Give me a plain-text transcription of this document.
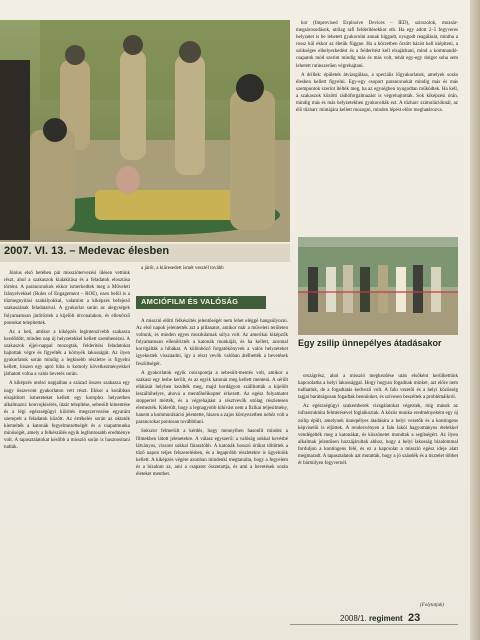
2007. VI. 13. – Medevac élesben

kor (Improvised Explosive Devices – IED), szirszolok, mozsár- megsárosodások, utólag rafi felderítésekkor stb. Ha egy adott 2–5 fegyveres helyzetet is be lehetett gyakorolni annak higgadt, nyugodt reagálását, mintha a rossz kül ekkor az életük függne. Ha a körzetben őrzött bázist kell kiépíteni, a szükséges elhelyezkedést és a felderítést kell elsajátítani, mind a kommandó-csapatok mód szerint mindig más és más volt, tehát egy-egy dolgot soha sem lehetett rutinszerűen végrehajtani.

A drillek: épületek átvizsgálása, a speciális lőgyakorlatok, amelyek során élesben kellett figyelni. Egy-egy csoport parancsnokát mindig más és más szempontok szerint ítélték meg, ha az egységben nyugodtan működtek. Ha kell, a szakaszok közötti rádióforgalmazást is végrehajtották. Sok kiképzési órán, mindig más és más helyzetekben gyakorolták ezt. A tűzharc szimulációknál, az élő tűzharc mintájára kellett mozogni, minden lépést előre meghatározva.

Június első hetében pár missziótervezési ülésen vettünk részt, ahol a szakaszok kialakítása és a feladatok elosztása történt. A parancsnokok ekkor ismerkedtek meg a Műveleti Irányelvekkel (Rules of Engagement – ROE), ezen belül is a tűzmegnyitási szabályokkal, valamint a kiképzés befejező szakaszának feladataival. A gyakorlat során az alegységek folyamatosan járőröztek a kijelölt útvonalakon, és ellenőrző pontokat telepítettek.

Az a heti, amikor a kiképzés legintenzívebb szakasza kezdődött, minden nap új helyzetekkel kellett szembenézni. A szakaszok éjjel-nappal mozogtak, felderítési feladatokat hajtottak végre és figyelték a környék lakosságát. Az ilyen gyakorlatok során mindig a legkisebb részletre is figyelni kellett, hiszen egy apró hiba is komoly következményekkel járhatott volna a valós bevetés során.

A kiképzés utolsó napjaiban a század összes szakasza egy nagy összevont gyakorlaton vett részt. Ekkor a korábban elsajátított ismereteket kellett egy komplex helyzetben alkalmazni: konvojkísérés, útzár telepítése, sebesült kimentése és a légi egészségügyi kiürítés megszervezése egyaránt szerepelt a feladatok között. Az értékelés során az oktatók kiemelték a katonák fegyelmezettségét és a csapatmunka minőségét, amely a felkészülés egyik legfontosabb eredménye volt. A tapasztalatokat később a misszió során is hasznosítani tudták.

a járőr, a kiüresedett ismét vesztél tovább

AMCIÓFILM ÉS VALÓSÁG

A misszió előtti felkészítés jelentőségét nem lehet eléggé hangsúlyozni. Az első napok jelentették azt a pillanatot, amikor már a műveleti területen voltunk, és minden egyes mozdulatnak súlya volt. Az amerikai kiképzők folyamatosan ellenőrizték a katonák munkáját, és ha kellett, azonnal korrigálták a hibákat. A különböző forgatókönyvek a valós helyzeteket igyekeztek visszaadni, így a részt vevők valóban átélhették a bevetések feszültségét.

A gyakorlatok egyik csúcspontja a sebesült-mentés volt, amikor a szakasz egy lesbe került, és az egyik katonát meg kellett menteni. A sérült ellátását helyben kezdték meg, majd hordágyon szállították a kijelölt leszállóhelyre, ahová a mentőhelikopter érkezett. Az egész folyamatot stopperrel mérték, és a végrehajtást a résztvevők utólag részletesen elemezték. Kiderült, hogy a legnagyobb kihívást nem a fizikai teljesítmény, hanem a kommunikáció jelentette, hiszen a zajos környezetben nehéz volt a parancsokat pontosan továbbítani.

Sokszor felmerült a kérdés, hogy mennyiben hasonlít mindez a filmekben látott jelenetekre. A válasz egyszerű: a valóság sokkal kevésbé látványos, viszont sokkal fárasztóbb. A katonák hosszú órákat töltöttek a tűző napon teljes felszerelésben, és a legapróbb részletekre is ügyelniük kellett. A kiképzés végére azonban mindenki megtanulta, hogy a fegyelem és a bizalom az, ami a csapatot összetartja, és ami a bevetések során életeket menthet.

Egy zsilip ünnepélyes átadásakor

országrész, ahol a misszió megkezdése után elsőként kerülhettünk kapcsolatba a helyi lakossággal. Hogy hogyan fogadnak minket, azt előre nem tudhattuk, de a fogadtatás kedvező volt. A falu vezetői és a helyi közösség tagjai barátságosan fogadtak bennünket, és szívesen beszéltek a problémáikról.

Az egészségügyi szakemberek vizsgálatokat végeztek, míg mások az infrastruktúra felmérésével foglalkoztak. A közös munka eredményeként egy új zsilip épült, amelynek ünnepélyes átadására a helyi vezetők és a kontingens képviselői is eljöttek. A rendezvényen a falu lakói hagyományos ételekkel vendégelték meg a katonákat, és köszönetet mondtak a segítségért. Az ilyen alkalmak jelentősen hozzájárultak ahhoz, hogy a helyi lakosság bizalommal forduljon a kontingens felé, és ez a kapcsolat a misszió egész ideje alatt megmaradt. A tapasztalatok azt mutatták, hogy a jó szándék és a tisztelet többet ér bármilyen fegyvernél.

(Folytatjuk)
2008/1. regiment 23
